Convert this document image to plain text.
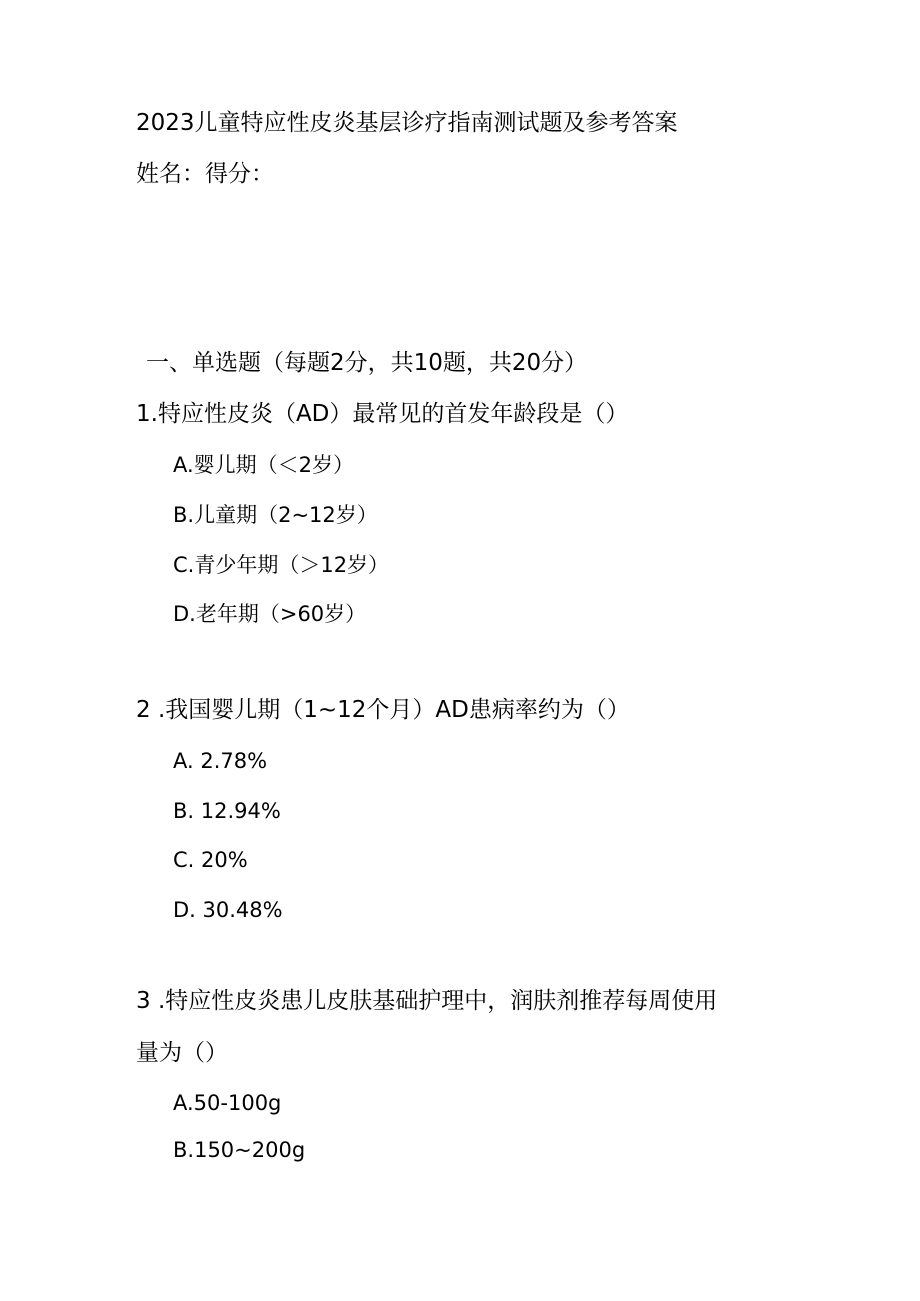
2023儿童特应性皮炎基层诊疗指南测试题及参考答案
姓名：得分：
一、单选题（每题2分，共10题，共20分）
1.特应性皮炎（AD）最常见的首发年龄段是（）
A.婴儿期（＜2岁）
B.儿童期（2~12岁）
C.青少年期（＞12岁）
D.老年期（>60岁）
2 .我国婴儿期（1~12个月）AD患病率约为（）
A. 2.78%
B. 12.94%
C. 20%
D. 30.48%
3 .特应性皮炎患儿皮肤基础护理中，润肤剂推荐每周使用
量为（）
A.50-100g
B.150~200g
